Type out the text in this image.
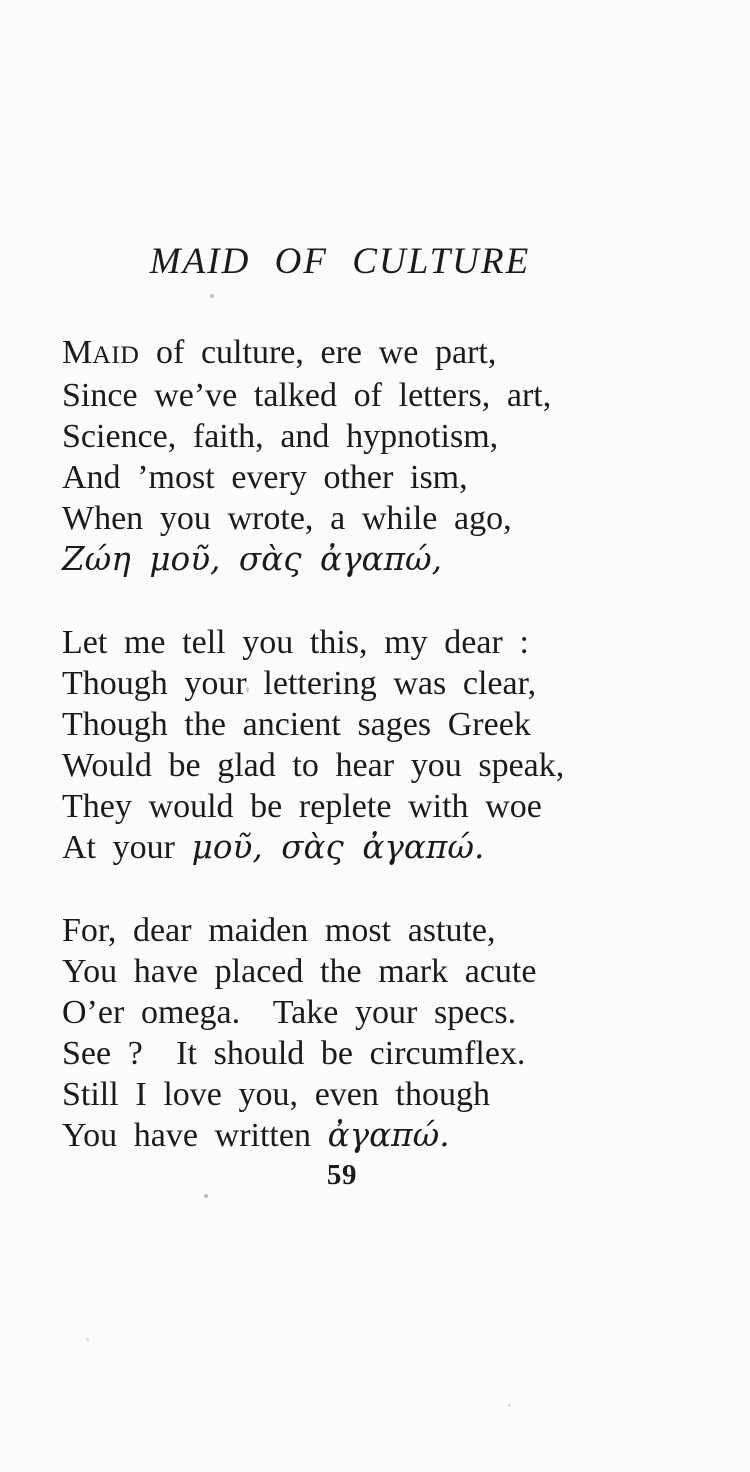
MAID OF CULTURE
MAID of culture, ere we part,
Since we’ve talked of letters, art,
Science, faith, and hypnotism,
And ’most every other ism,
When you wrote, a while ago,
Ζώη μοῦ, σὰς ἀγαπώ,
Let me tell you this, my dear :
Though your lettering was clear,
Though the ancient sages Greek
Would be glad to hear you speak,
They would be replete with woe
At your μοῦ, σὰς ἀγαπώ.
For, dear maiden most astute,
You have placed the mark acute
O’er omega.  Take your specs.
See ?  It should be circumflex.
Still I love you, even though
You have written ἀγαπώ.
59
